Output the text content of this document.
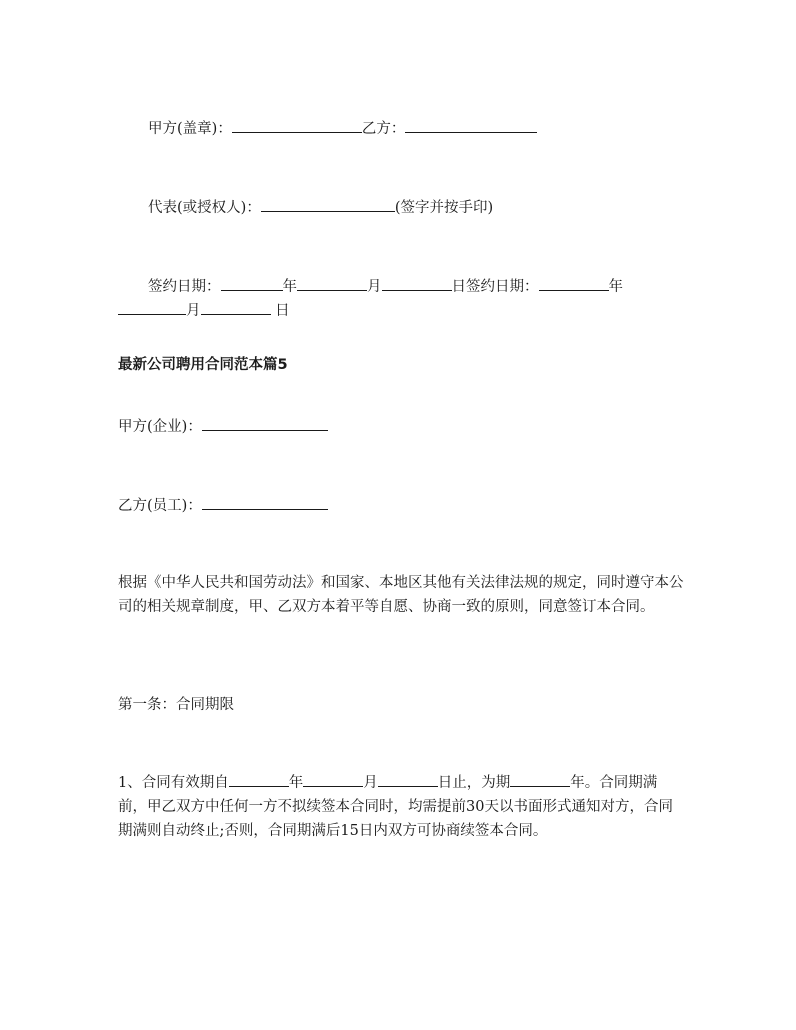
甲方(盖章)：	乙方：
代表(或授权人)：	(签字并按手印)
签约日期：	年	月	日签约日期：	年
月	日
最新公司聘用合同范本篇5
甲方(企业)：
乙方(员工)：
根据《中华人民共和国劳动法》和国家、本地区其他有关法律法规的规定，同时遵守本公司的相关规章制度，甲、乙双方本着平等自愿、协商一致的原则，同意签订本合同。
第一条：合同期限
1、合同有效期自	年	月	日止，为期	年。合同期满前，甲乙双方中任何一方不拟续签本合同时，均需提前30天以书面形式通知对方，合同期满则自动终止;否则，合同期满后15日内双方可协商续签本合同。
